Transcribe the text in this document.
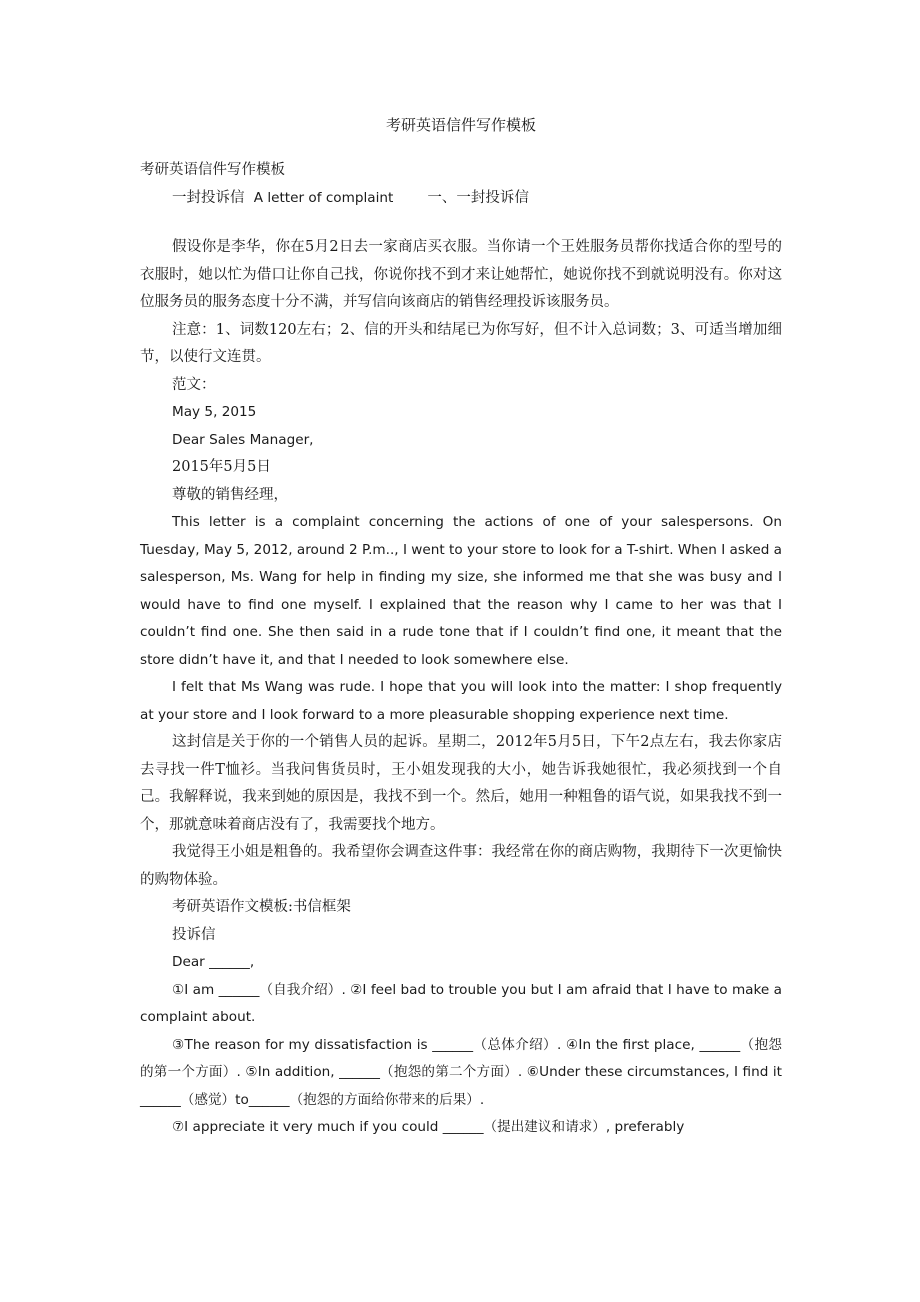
考研英语信件写作模板

考研英语信件写作模板

一封投诉信 A letter of complaint 一、一封投诉信

假设你是李华，你在5月2日去一家商店买衣服。当你请一个王姓服务员帮你找适合你的型号的衣服时，她以忙为借口让你自己找，你说你找不到才来让她帮忙，她说你找不到就说明没有。你对这位服务员的服务态度十分不满，并写信向该商店的销售经理投诉该服务员。

注意：1、词数120左右；2、信的开头和结尾已为你写好，但不计入总词数；3、可适当增加细节，以使行文连贯。

范文：

May 5, 2015

Dear Sales Manager,

2015年5月5日

尊敬的销售经理，

This letter is a complaint concerning the actions of one of your salespersons. On Tuesday, May 5, 2012, around 2 P.m.., I went to your store to look for a T-shirt. When I asked a salesperson, Ms. Wang for help in finding my size, she informed me that she was busy and I would have to find one myself. I explained that the reason why I came to her was that I couldn’t find one. She then said in a rude tone that if I couldn’t find one, it meant that the store didn’t have it, and that I needed to look somewhere else.

I felt that Ms Wang was rude. I hope that you will look into the matter: I shop frequently at your store and I look forward to a more pleasurable shopping experience next time.

这封信是关于你的一个销售人员的起诉。星期二，2012年5月5日，下午2点左右，我去你家店去寻找一件T恤衫。当我问售货员时，王小姐发现我的大小，她告诉我她很忙，我必须找到一个自己。我解释说，我来到她的原因是，我找不到一个。然后，她用一种粗鲁的语气说，如果我找不到一个，那就意味着商店没有了，我需要找个地方。

我觉得王小姐是粗鲁的。我希望你会调查这件事：我经常在你的商店购物，我期待下一次更愉快的购物体验。

考研英语作文模板:书信框架

投诉信

Dear ______,

①I am ______（自我介绍）. ②I feel bad to trouble you but I am afraid that I have to make a complaint about.

③The reason for my dissatisfaction is ______（总体介绍）. ④In the first place, ______（抱怨的第一个方面）. ⑤In addition, ______（抱怨的第二个方面）. ⑥Under these circumstances, I find it ______（感觉）to______（抱怨的方面给你带来的后果）.

⑦I appreciate it very much if you could ______（提出建议和请求）, preferably
